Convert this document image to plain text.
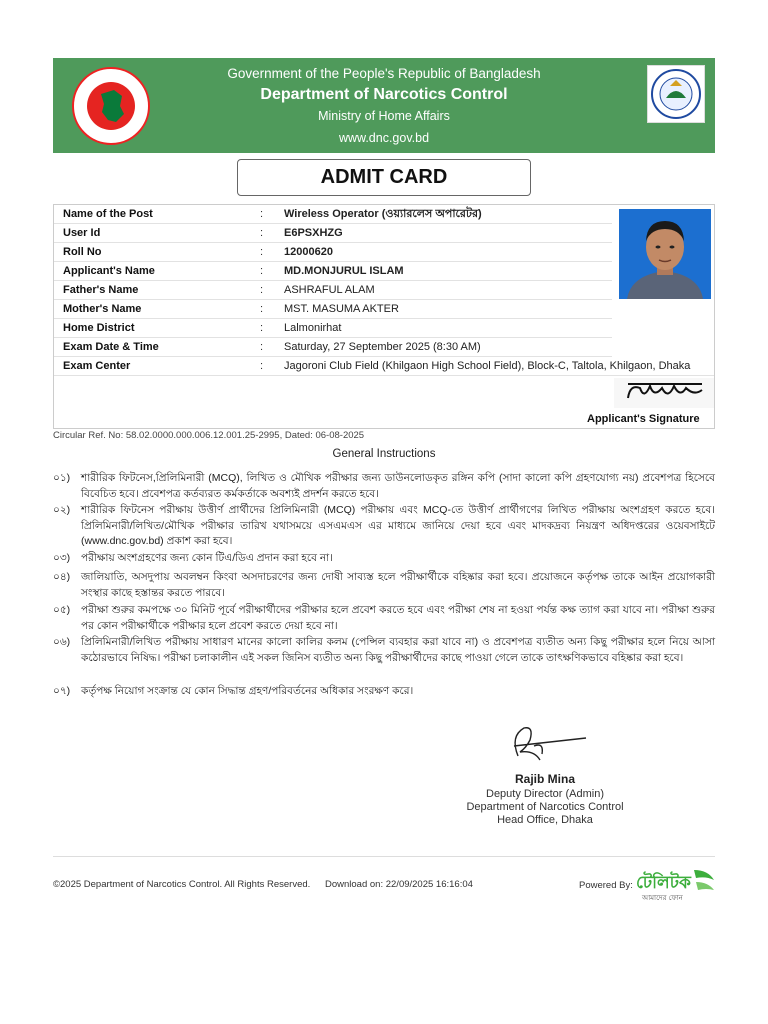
Government of the People's Republic of Bangladesh
Department of Narcotics Control
Ministry of Home Affairs
www.dnc.gov.bd
ADMIT CARD
Name of the Post	: Wireless Operator (ওয়্যারলেস অপারেটর)
User Id	: E6PSXHZG
Roll No	: 12000620
Applicant's Name	: MD.MONJURUL ISLAM
Father's Name	: ASHRAFUL ALAM
Mother's Name	: MST. MASUMA AKTER
Home District	: Lalmonirhat
Exam Date & Time	: Saturday, 27 September 2025 (8:30 AM)
Exam Center	: Jagoroni Club Field (Khilgaon High School Field), Block-C, Taltola, Khilgaon, Dhaka
Applicant's Signature
Circular Ref. No: 58.02.0000.000.006.12.001.25-2995, Dated: 06-08-2025
General Instructions
০১) শারীরিক ফিটনেস,প্রিলিমিনারী (MCQ), লিখিত ও মৌখিক পরীক্ষার জন্য ডাউনলোডকৃত রঙ্গিন কপি (সাদা কালো কপি গ্রহণযোগ্য নয়) প্রবেশপত্র হিসেবে বিবেচিত হবে। প্রবেশপত্র কর্তব্যরত কর্মকর্তাকে অবশ্যই প্রদর্শন করতে হবে।
০২) শারীরিক ফিটনেস পরীক্ষায় উত্তীর্ণ প্রার্থীদের প্রিলিমিনারী (MCQ) পরীক্ষায় এবং MCQ-তে উত্তীর্ণ প্রার্থীগণের লিখিত পরীক্ষায় অংশগ্রহণ করতে হবে। প্রিলিমিনারী/লিখিত/মৌখিক পরীক্ষার তারিখ যথাসময়ে এসএমএস এর মাধ্যমে জানিয়ে দেয়া হবে এবং মাদকদ্রব্য নিয়ন্ত্রণ অধিদপ্তরের ওয়েবসাইটে (www.dnc.gov.bd) প্রকাশ করা হবে।
০৩) পরীক্ষায় অংশগ্রহণের জন্য কোন টিএ/ডিএ প্রদান করা হবে না।
০৪) জালিয়াতি, অসদুপায় অবলম্বন কিংবা অসদাচরণের জন্য দোষী সাব্যস্ত হলে পরীক্ষার্থীকে বহিষ্কার করা হবে। প্রয়োজনে কর্তৃপক্ষ তাকে আইন প্রয়োগকারী সংস্থার কাছে হস্তান্তর করতে পারবে।
০৫) পরীক্ষা শুরুর কমপক্ষে ৩০ মিনিট পূর্বে পরীক্ষার্থীদের পরীক্ষার হলে প্রবেশ করতে হবে এবং পরীক্ষা শেষ না হওয়া পর্যন্ত কক্ষ ত্যাগ করা যাবে না। পরীক্ষা শুরুর পর কোন পরীক্ষার্থীকে পরীক্ষার হলে প্রবেশ করতে দেয়া হবে না।
০৬) প্রিলিমিনারী/লিখিত পরীক্ষায় সাধারণ মানের কালো কালির কলম (পেন্সিল ব্যবহার করা যাবে না) ও প্রবেশপত্র ব্যতীত অন্য কিছু পরীক্ষার হলে নিয়ে আসা কঠোরভাবে নিষিদ্ধ। পরীক্ষা চলাকালীন এই সকল জিনিস ব্যতীত অন্য কিছু পরীক্ষার্থীদের কাছে পাওয়া গেলে তাকে তাৎক্ষণিকভাবে বহিষ্কার করা হবে।
০৭) কর্তৃপক্ষ নিয়োগ সংক্রান্ত যে কোন সিদ্ধান্ত গ্রহণ/পরিবর্তনের অধিকার সংরক্ষণ করে।
Rajib Mina
Deputy Director (Admin)
Department of Narcotics Control
Head Office, Dhaka
©2025 Department of Narcotics Control. All Rights Reserved. Download on: 22/09/2025 16:16:04	Powered By: টেলিটক
আমাদের ফোন
